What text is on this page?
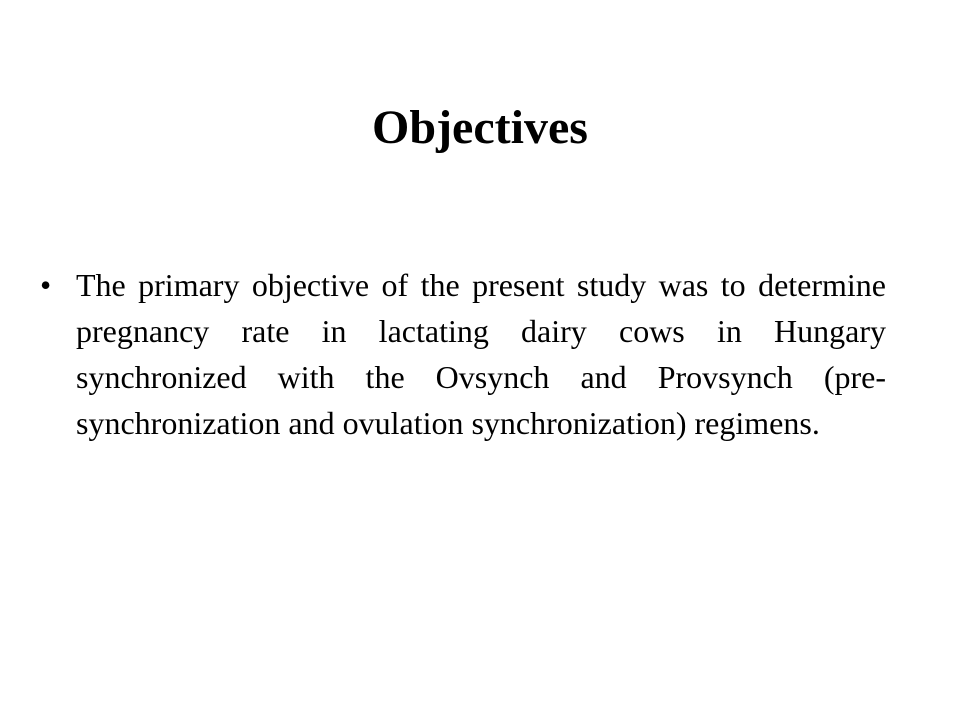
Objectives
• The primary objective of the present study was to determine pregnancy rate in lactating dairy cows in Hungary synchronized with the Ovsynch and Provsynch (pre-synchronization and ovulation synchronization) regimens.
